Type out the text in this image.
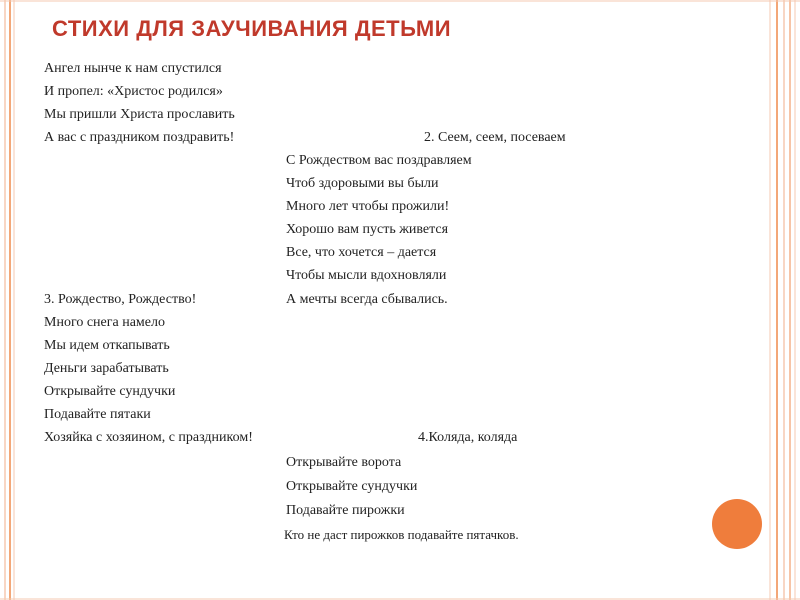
СТИХИ ДЛЯ ЗАУЧИВАНИЯ ДЕТЬМИ
Ангел нынче к нам спустился
И пропел: «Христос родился»
Мы пришли Христа прославить
А вас с праздником поздравить!	2. Сеем, сеем, посеваем
С Рождеством вас поздравляем
Чтоб здоровыми вы были
Много лет чтобы прожили!
Хорошо вам пусть живется
Все, что хочется – дается
Чтобы мысли вдохновляли
А мечты всегда сбывались.
3. Рождество, Рождество!
Много снега намело
Мы идем откапывать
Деньги зарабатывать
Открывайте сундучки
Подавайте пятаки
Хозяйка с хозяином, с праздником!	4.Коляда, коляда
Открывайте ворота
Открывайте сундучки
Подавайте пирожки
Кто не даст пирожков подавайте пятачков.
